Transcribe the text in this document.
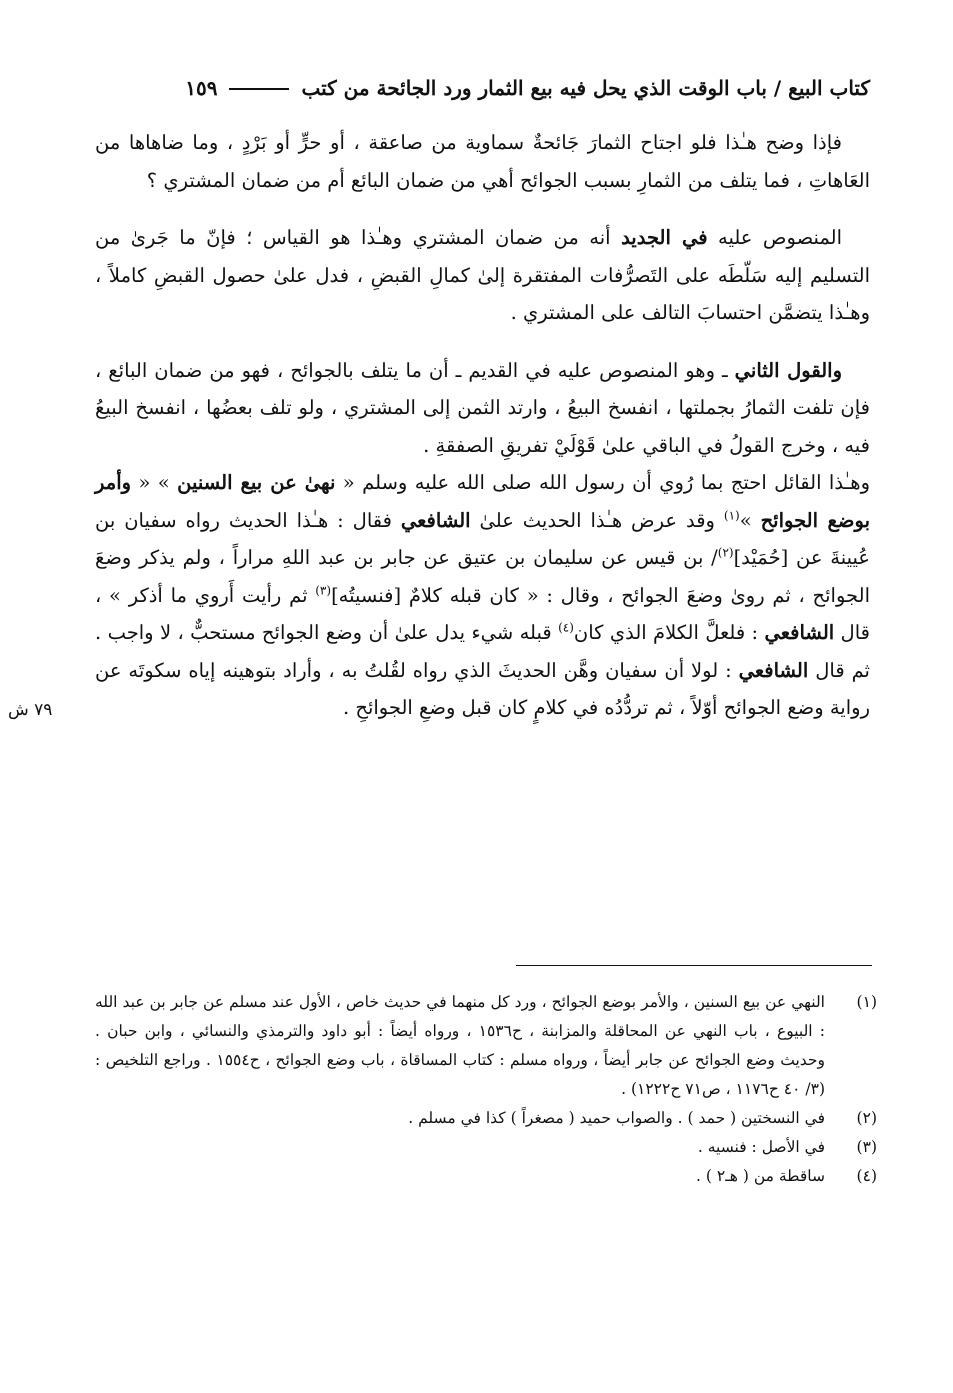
كتاب البيع / باب الوقت الذي يحل فيه بيع الثمار ورد الجائحة من كتب
١٥٩
٧٩ ش

فإذا وضح هـٰذا فلو اجتاح الثمارَ جَائحةٌ سماوية من صاعقة ، أو حرٍّ أو بَرْدٍ ، وما ضاهاها من العَاهاتِ ، فما يتلف من الثمارِ بسبب الجوائح أهي من ضمان البائع أم من ضمان المشتري ؟

المنصوص عليه في الجديد أنه من ضمان المشتري وهـٰذا هو القياس ؛ فإنّ ما جَرىٰ من التسليم إليه سَلّطَه على التَصرُّفات المفتقرة إلىٰ كمالِ القبضِ ، فدل علىٰ حصول القبضِ كاملاً ، وهـٰذا يتضمَّن احتسابَ التالف على المشتري .

والقول الثاني ـ وهو المنصوص عليه في القديم ـ أن ما يتلف بالجوائح ، فهو من ضمان البائع ، فإن تلفت الثمارُ بجملتها ، انفسخ البيعُ ، وارتد الثمن إلى المشتري ، ولو تلف بعضُها ، انفسخ البيعُ فيه ، وخرج القولُ في الباقي علىٰ قَوْلَيْ تفريقِ الصفقةِ .

وهـٰذا القائل احتج بما رُوي أن رسول الله صلى الله عليه وسلم « نهىٰ عن بيع السنين » « وأمر بوضع الجوائح »$^{(١)}$ وقد عرض هـٰذا الحديث علىٰ الشافعي فقال : هـٰذا الحديث رواه سفيان بن عُيينةَ عن [حُمَيْد]$^{(٢)}$/ بن قيس عن سليمان بن عتيق عن جابر بن عبد اللهِ مراراً ، ولم يذكر وضعَ الجوائح ، ثم روىٰ وضعَ الجوائح ، وقال : « كان قبله كلامٌ [فنسيتُه]$^{(٣)}$ ثم رأيت أَروي ما أذكر » ، قال الشافعي : فلعلَّ الكلامَ الذي كان$^{(٤)}$ قبله شيء يدل علىٰ أن وضع الجوائح مستحبٌّ ، لا واجب . ثم قال الشافعي : لولا أن سفيان وهَّن الحديثَ الذي رواه لقُلتُ به ، وأراد بتوهينه إياه سكوتَه عن رواية وضع الجوائح أوّلاً ، ثم تردُّدُه في كلامٍ كان قبل وضعِ الجوائحِ .

(١)
النهي عن بيع السنين ، والأمر بوضع الجوائح ، ورد كل منهما في حديث خاص ، الأول عند مسلم عن جابر بن عبد الله : البيوع ، باب النهي عن المحاقلة والمزابنة ، ح١٥٣٦ ، ورواه أيضاً : أبو داود والترمذي والنسائي ، وابن حبان . وحديث وضع الجوائح عن جابر أيضاً ، ورواه مسلم : كتاب المساقاة ، باب وضع الجوائح ، ح١٥٥٤ . وراجع التلخيص : (٣/ ٤٠ ح١١٧٦ ، ص٧١ ح١٢٢٢) .
(٢)
في النسختين ( حمد ) . والصواب حميد ( مصغراً ) كذا في مسلم .
(٣)
في الأصل : فنسيه .
(٤)
ساقطة من ( هـ٢ ) .
